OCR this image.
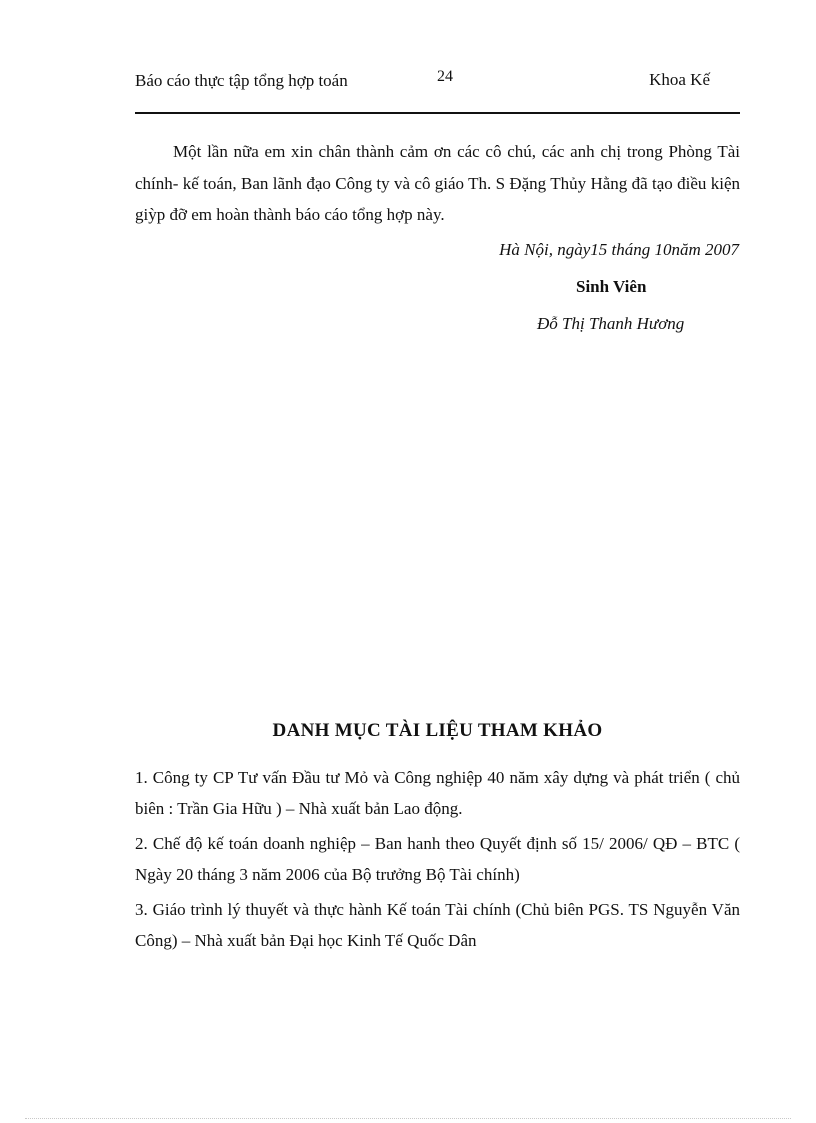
Báo cáo thực tập tổng hợp toán	24	Khoa Kế

Một lần nữa em xin chân thành cảm ơn các cô chú, các anh chị trong Phòng Tài chính- kế toán, Ban lãnh đạo Công ty và cô giáo Th. S Đặng Thủy Hằng đã tạo điều kiện giỳp đỡ em hoàn thành báo cáo tổng hợp này.

Hà Nội, ngày15 tháng 10năm 2007
Sinh Viên
Đỗ Thị Thanh Hương
DANH MỤC TÀI LIỆU THAM KHẢO

1. Công ty CP Tư vấn Đầu tư Mỏ và Công nghiệp 40 năm xây dựng và phát triển ( chủ biên : Trần Gia Hữu ) – Nhà xuất bản Lao động.

2. Chế độ kế toán doanh nghiệp – Ban hanh theo Quyết định số 15/ 2006/ QĐ – BTC ( Ngày 20 tháng 3 năm 2006 của Bộ trưởng Bộ Tài chính)

3. Giáo trình lý thuyết và thực hành Kế toán Tài chính (Chủ biên PGS. TS Nguyễn Văn Công) – Nhà xuất bản Đại học Kinh Tế Quốc Dân
